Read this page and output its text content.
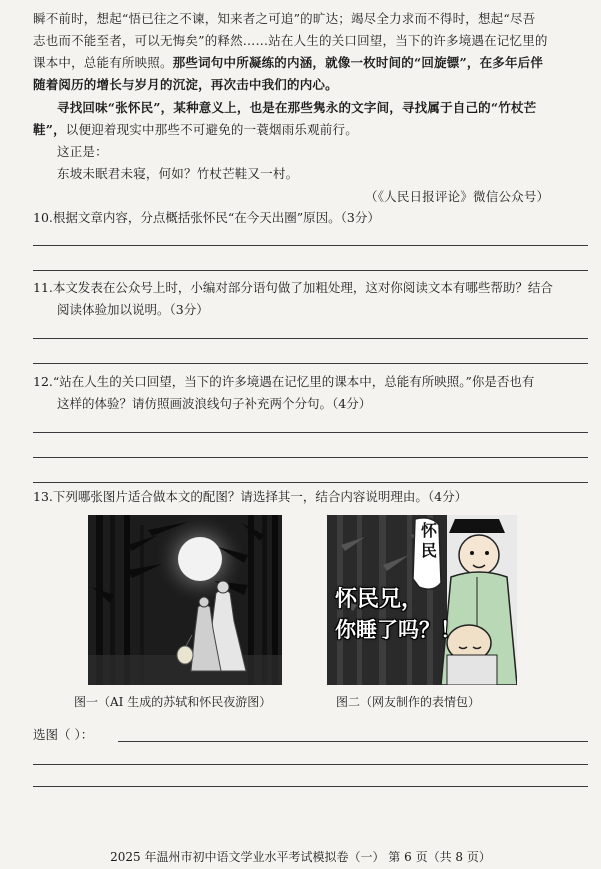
瞬不前时，想起“悟已往之不谏，知来者之可追”的旷达；竭尽全力求而不得时，想起“尽吾
志也而不能至者，可以无悔矣”的释然……站在人生的关口回望，当下的许多境遇在记忆里的
课本中，总能有所映照。那些词句中所凝练的内涵，就像一枚时间的“回旋镖”，在多年后伴
随着阅历的增长与岁月的沉淀，再次击中我们的内心。
寻找回味“张怀民”，某种意义上，也是在那些隽永的文字间，寻找属于自己的“竹杖芒
鞋”，以便迎着现实中那些不可避免的一蓑烟雨乐观前行。
这正是：
东坡未眠君未寝，何如？竹杖芒鞋又一村。
（《人民日报评论》微信公众号）
10.根据文章内容，分点概括张怀民“在今天出圈”原因。（3分）
11.本文发表在公众号上时，小编对部分语句做了加粗处理，这对你阅读文本有哪些帮助？结合
阅读体验加以说明。（3分）
12.“站在人生的关口回望，当下的许多境遇在记忆里的课本中，总能有所映照。”你是否也有
这样的体验？请仿照画波浪线句子补充两个分句。（4分）
13.下列哪张图片适合做本文的配图？请选择其一，结合内容说明理由。（4分）
图一（AI 生成的苏轼和怀民夜游图）
怀民
怀民兄，
你睡了吗？！
图二（网友制作的表情包）
选图（ ）：
2025 年温州市初中语文学业水平考试模拟卷（一） 第 6 页（共 8 页）
